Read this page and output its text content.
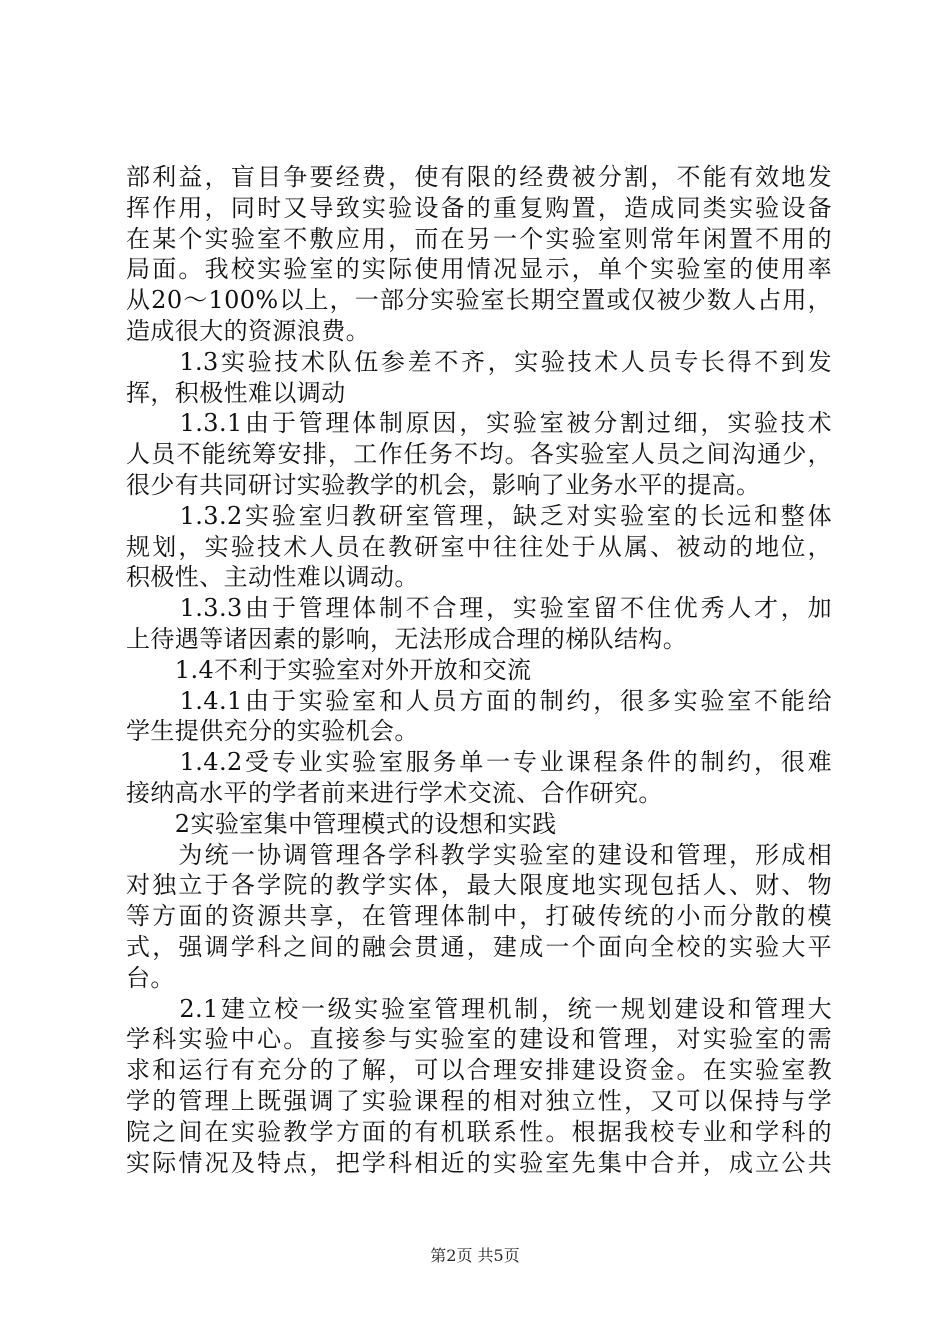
部利益，盲目争要经费，使有限的经费被分割，不能有效地发
挥作用，同时又导致实验设备的重复购置，造成同类实验设备
在某个实验室不敷应用，而在另一个实验室则常年闲置不用的
局面。我校实验室的实际使用情况显示，单个实验室的使用率
从20～100%以上，一部分实验室长期空置或仅被少数人占用，
造成很大的资源浪费。
　　1.3实验技术队伍参差不齐，实验技术人员专长得不到发
挥，积极性难以调动
　　1.3.1由于管理体制原因，实验室被分割过细，实验技术
人员不能统筹安排，工作任务不均。各实验室人员之间沟通少，
很少有共同研讨实验教学的机会，影响了业务水平的提高。
　　1.3.2实验室归教研室管理，缺乏对实验室的长远和整体
规划，实验技术人员在教研室中往往处于从属、被动的地位，
积极性、主动性难以调动。
　　1.3.3由于管理体制不合理，实验室留不住优秀人才，加
上待遇等诸因素的影响，无法形成合理的梯队结构。
　　1.4不利于实验室对外开放和交流
　　1.4.1由于实验室和人员方面的制约，很多实验室不能给
学生提供充分的实验机会。
　　1.4.2受专业实验室服务单一专业课程条件的制约，很难
接纳高水平的学者前来进行学术交流、合作研究。
　　2实验室集中管理模式的设想和实践
　　为统一协调管理各学科教学实验室的建设和管理，形成相
对独立于各学院的教学实体，最大限度地实现包括人、财、物
等方面的资源共享，在管理体制中，打破传统的小而分散的模
式，强调学科之间的融会贯通，建成一个面向全校的实验大平
台。
　　2.1建立校一级实验室管理机制，统一规划建设和管理大
学科实验中心。直接参与实验室的建设和管理，对实验室的需
求和运行有充分的了解，可以合理安排建设资金。在实验室教
学的管理上既强调了实验课程的相对独立性，又可以保持与学
院之间在实验教学方面的有机联系性。根据我校专业和学科的
实际情况及特点，把学科相近的实验室先集中合并，成立公共
第2页 共5页
